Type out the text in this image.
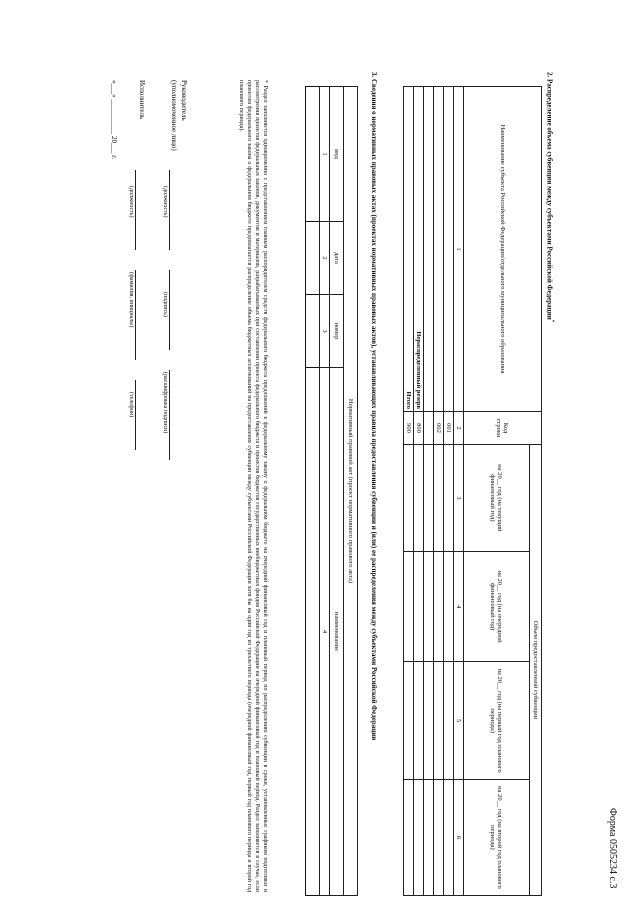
Форма 0505234 с.3
2. Распределение объема субвенции между субъектами Российской Федерации*
Наименование субъекта Российской Федерации/отдельного муниципального образования	Код строки	Объем предоставленной субвенции			
		на 20__ год (на текущий финансовый год)	на 20__ год (на очередной финансовый год)	на 20__ год (на первый год планового периода)	на 20__ год (на второй год планового периода)
1	2	3	4	5	6
	001				
	002				

Нераспределенный резерв	800				
Итого	900				
3. Сведения о нормативных правовых актах (проектах нормативных правовых актов), устанавливающих правила предоставления субвенции и (или) ее распределения между субъектами Российской Федерации
Нормативный правовой акт (проект нормативного правового акта)			
вид	дата	номер	наименование
1	2	3	4

* Раздел заполняется одновременно с представлением главным распорядителем средств федерального бюджета предложений к федеральному закону о федеральном бюджете на очередной финансовый год и плановый период по распределению субвенции в сроки, установленные графиком подготовки и рассмотрения проектов федеральных законов, документов и материалов, разрабатываемых при составлении проекта федерального бюджета и проектов бюджетов государственных внебюджетных фондов Российской Федерации на очередной финансовый год и плановый период. Раздел заполняется в случае, если проектом федерального закона о федеральном бюджете предполагается распределение объема бюджетных ассигнований на предоставление субвенции между субъектами Российской Федерации хотя бы на один год из трехлетнего периода (очередной финансовый год, первый год планового периода и второй год планового периода).
Руководитель
(уполномоченное лицо)
(должность)
(подпись)
(расшифровка подписи)
Исполнитель
(должность)
(фамилия, инициалы)
(телефон)
«___» __________ 20___ г.
